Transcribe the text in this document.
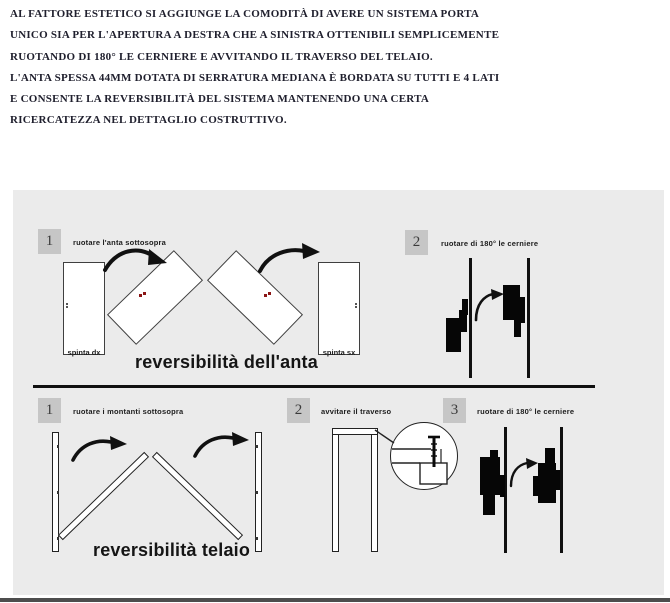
AL FATTORE ESTETICO SI AGGIUNGE LA COMODITÀ DI AVERE UN SISTEMA PORTA
UNICO SIA PER L'APERTURA A DESTRA CHE A SINISTRA OTTENIBILI SEMPLICEMENTE
RUOTANDO DI 180° LE CERNIERE E AVVITANDO IL TRAVERSO DEL TELAIO.
L'ANTA SPESSA 44MM DOTATA DI SERRATURA MEDIANA È BORDATA SU TUTTI E 4 LATI
E CONSENTE LA REVERSIBILITÀ DEL SISTEMA MANTENENDO UNA CERTA
RICERCATEZZA NEL DETTAGLIO COSTRUTTIVO.
1	ruotare l'anta sottosopra	2	ruotare di 180° le cerniere
spinta dx	spinta sx
reversibilità dell'anta
1	ruotare i montanti sottosopra	2	avvitare il traverso	3	ruotare di 180° le cerniere
reversibilità telaio
